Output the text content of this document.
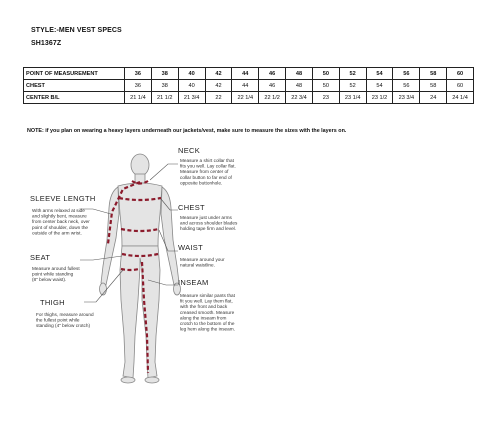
STYLE:-MEN VEST SPECS
SH1367Z
POINT OF MEASUREMENT	36	38	40	42	44	46	48	50	52	54	56	58	60
CHEST	36	38	40	42	44	46	48	50	52	54	56	58	60
CENTER B/L	21 1/4	21 1/2	21 3/4	22	22 1/4	22 1/2	22 3/4	23	23 1/4	23 1/2	23 3/4	24	24 1/4
NOTE: if you plan on wearing a heavy layers underneath our jackets/vest, make sure to measure the sizes with the layers on.
NECK
Measure a shirt collar that fits you well. Lay collar flat. Measure from center of collar button to far end of opposite buttonhole.
CHEST
Measure just under arms and across shoulder blades holding tape firm and level.
WAIST
Measure around your natural waistline.
INSEAM
Measure similar pants that fit you well. Lay them flat, with the front and back creased smooth. Measure along the inseam from crotch to the bottom of the leg hem along the inseam.
SLEEVE LENGTH
With arms relaxed at side and slightly bent, measure from center back neck, over point of shoulder, down the outside of the arm wrist.
SEAT
Measure around fullest point while standing (8" below waist).
THIGH
For thighs, measure around the fullest point while standing (4" below crotch)
